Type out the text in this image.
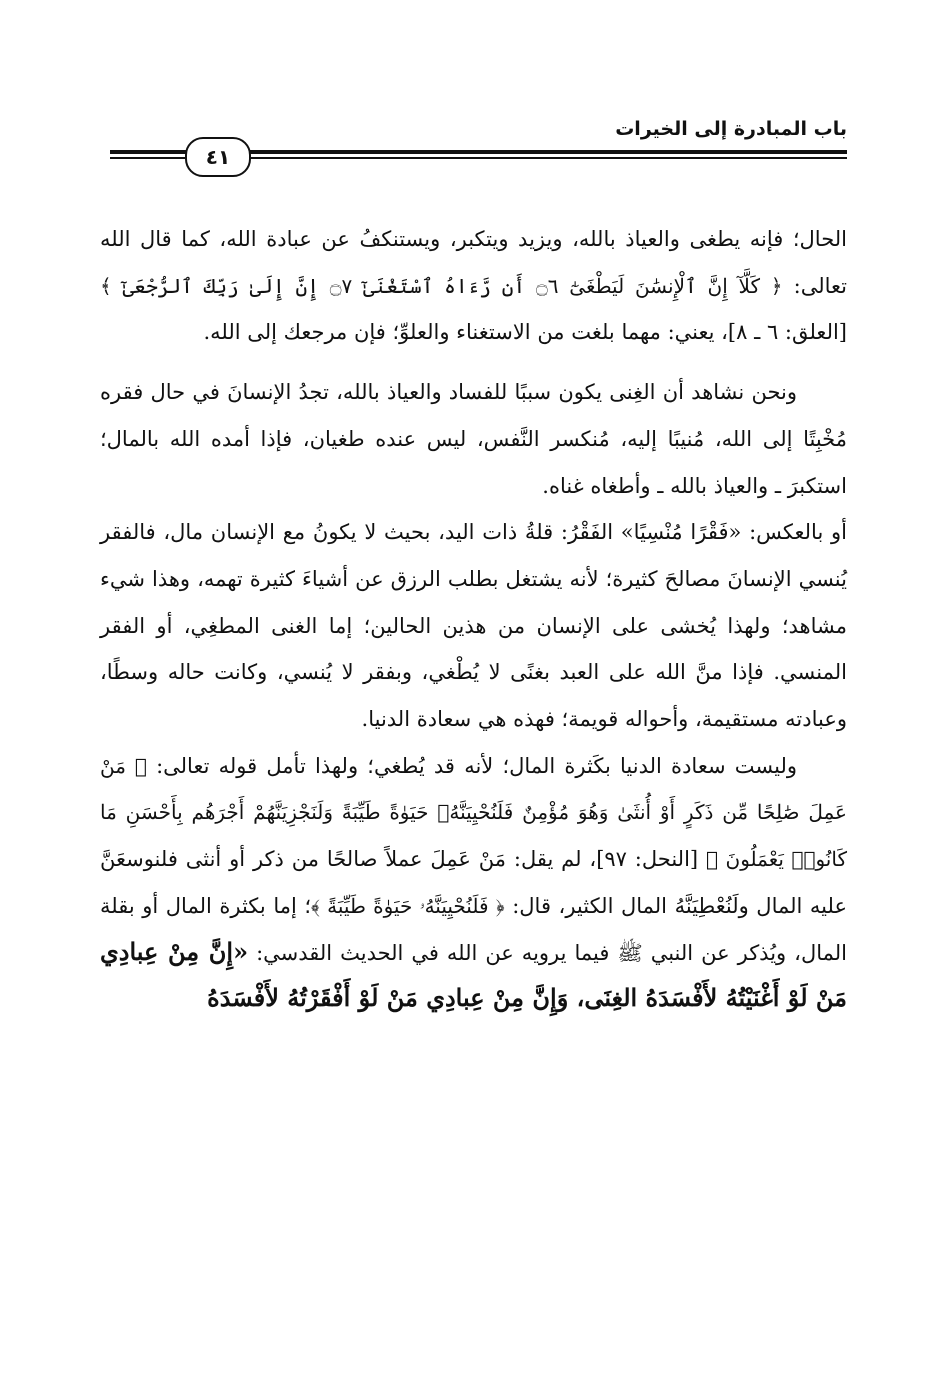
باب المبادرة إلى الخيرات
٤١

الحال؛ فإنه يطغى والعياذ بالله، ويزيد ويتكبر، ويستنكفُ عن عبادة الله، كما قال الله تعالى: ﴿ كَلَّآ إِنَّ ٱلْإِنسَٰنَ لَيَطْغَىٰٓ ۝٦ أَن رَّءَاهُ ٱسْتَغْنَىٰٓ ۝٧ إِنَّ إِلَىٰ رَبِّكَ ٱلرُّجْعَىٰٓ ﴾ [العلق: ٦ ـ ٨]، يعني: مهما بلغت من الاستغناء والعلوِّ؛ فإن مرجعك إلى الله.

ونحن نشاهد أن الغِنى يكون سببًا للفساد والعياذ بالله، تجدُ الإنسانَ في حال فقره مُخْبِتًا إلى الله، مُنيبًا إليه، مُنكسر النَّفس، ليس عنده طغيان، فإذا أمده الله بالمال؛ استكبرَ ـ والعياذ بالله ـ وأطغاه غناه.

أو بالعكس: «فَقْرًا مُنْسِيًا» الفَقْرُ: قلةُ ذات اليد، بحيث لا يكونُ مع الإنسان مال، فالفقر يُنسي الإنسانَ مصالحَ كثيرة؛ لأنه يشتغل بطلب الرزق عن أشياءَ كثيرة تهمه، وهذا شيء مشاهد؛ ولهذا يُخشى على الإنسان من هذين الحالين؛ إما الغنى المطغِي، أو الفقر المنسي. فإذا منَّ الله على العبد بغنًى لا يُطْغي، وبفقر لا يُنسي، وكانت حاله وسطًا، وعبادته مستقيمة، وأحواله قويمة؛ فهذه هي سعادة الدنيا.

وليست سعادة الدنيا بكَثرة المال؛ لأنه قد يُطغي؛ ولهذا تأمل قوله تعالى: ﴿ مَنْ عَمِلَ صَٰلِحًا مِّن ذَكَرٍ أَوْ أُنثَىٰ وَهُوَ مُؤْمِنٌ فَلَنُحْيِيَنَّهُۥ حَيَوٰةً طَيِّبَةً وَلَنَجْزِيَنَّهُمْ أَجْرَهُم بِأَحْسَنِ مَا كَانُوا۟ يَعْمَلُونَ ﴾ [النحل: ٩٧]، لم يقل: مَنْ عَمِلَ عملاً صالحًا من ذكر أو أنثى فلنوسعَنَّ عليه المال ولَنُعْطِيَنَّهُ المال الكثير، قال: ﴿ فَلَنُحْيِيَنَّهُۥ حَيَوٰةً طَيِّبَةً ﴾؛ إما بكثرة المال أو بقلة المال، ويُذكر عن النبي ﷺ فيما يرويه عن الله في الحديث القدسي: «إِنَّ مِنْ عِبادِي مَنْ لَوْ أَغْنَيْتُهُ لأَفْسَدَهُ الغِنَى، وَإِنَّ مِنْ عِبادِي مَنْ لَوْ أَفْقَرْتُهُ لأَفْسَدَهُ
